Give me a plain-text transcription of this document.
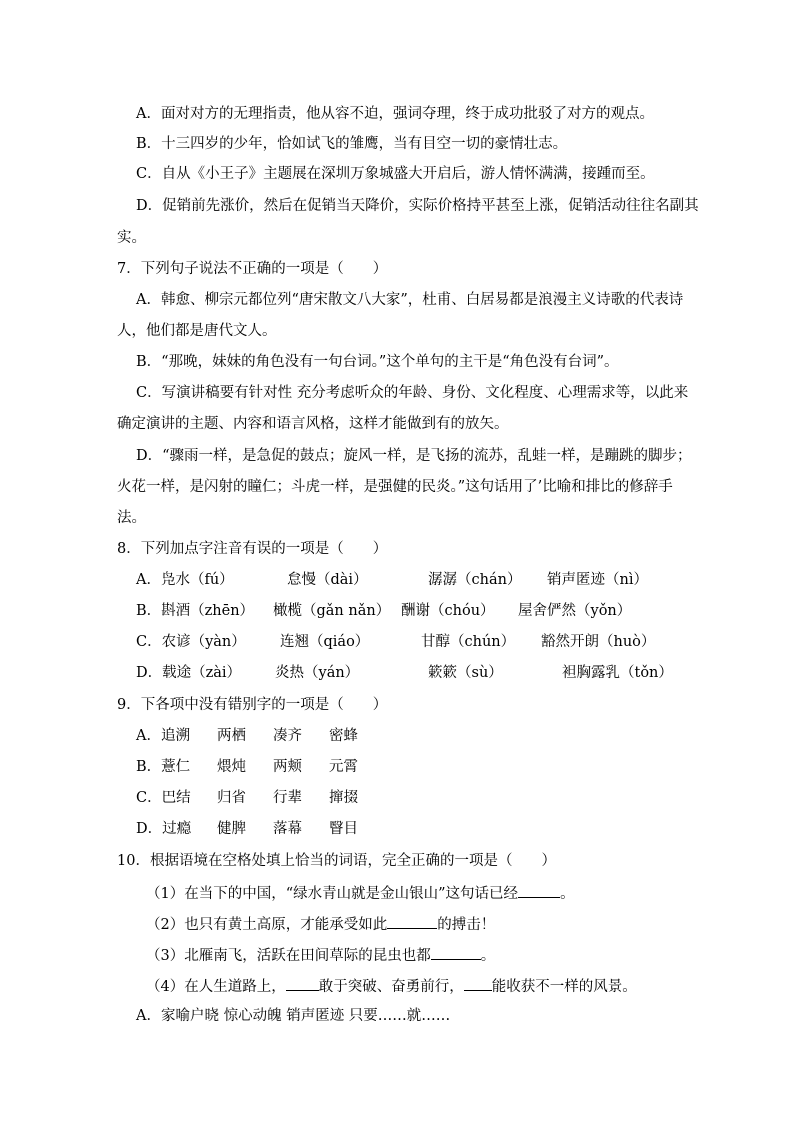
A．面对对方的无理指责，他从容不迫，强词夺理，终于成功批驳了对方的观点。
B．十三四岁的少年，恰如试飞的雏鹰，当有目空一切的豪情壮志。
C．自从《小王子》主题展在深圳万象城盛大开启后，游人情怀满满，接踵而至。
D．促销前先涨价，然后在促销当天降价，实际价格持平甚至上涨，促销活动往往名副其
实。
7．下列句子说法不正确的一项是（　　）
A．韩愈、柳宗元都位列“唐宋散文八大家”，杜甫、白居易都是浪漫主义诗歌的代表诗
人，他们都是唐代文人。
B．“那晚，妹妹的角色没有一句台词。”这个单句的主干是“角色没有台词”。
C．写演讲稿要有针对性 充分考虑听众的年龄、身份、文化程度、心理需求等，以此来
确定演讲的主题、内容和语言风格，这样才能做到有的放矢。
D．“骤雨一样，是急促的鼓点；旋风一样，是飞扬的流苏，乱蛙一样，是蹦跳的脚步；
火花一样，是闪射的瞳仁；斗虎一样，是强健的民炎。”这句话用了’比喻和排比的修辞手
法。
8．下列加点字注音有误的一项是（　　）
A．凫水（fú）	怠慢（dài）	潺潺（chán） 销声匿迹（nì）
B．斟酒（zhēn） 橄榄（gǎn nǎn） 酬谢（chóu） 屋舍俨然（yǒn）
C．农谚（yàn） 连翘（qiáo）	甘醇（chún） 豁然开朗（huò）
D．载途（zài） 炎热（yán）	簌簌（sù）	袒胸露乳（tǒn）
9．下各项中没有错别字的一项是（　　）
A．追溯 两栖 凑齐 密蜂
B．薏仁 煨炖 两颊 元霄
C．巴结 归省 行辈 撺掇
D．过瘾 健脾 落幕 瞖目
10．根据语境在空格处填上恰当的词语，完全正确的一项是（　　）
（1）在当下的中国，“绿水青山就是金山银山”这句话已经	。
（2）也只有黄土高原，才能承受如此	的搏击！
（3）北雁南飞，活跃在田间草际的昆虫也都	。
（4）在人生道路上， 敢于突破、奋勇前行， 能收获不一样的风景。
A．家喻户晓 惊心动魄 销声匿迹 只要……就……
